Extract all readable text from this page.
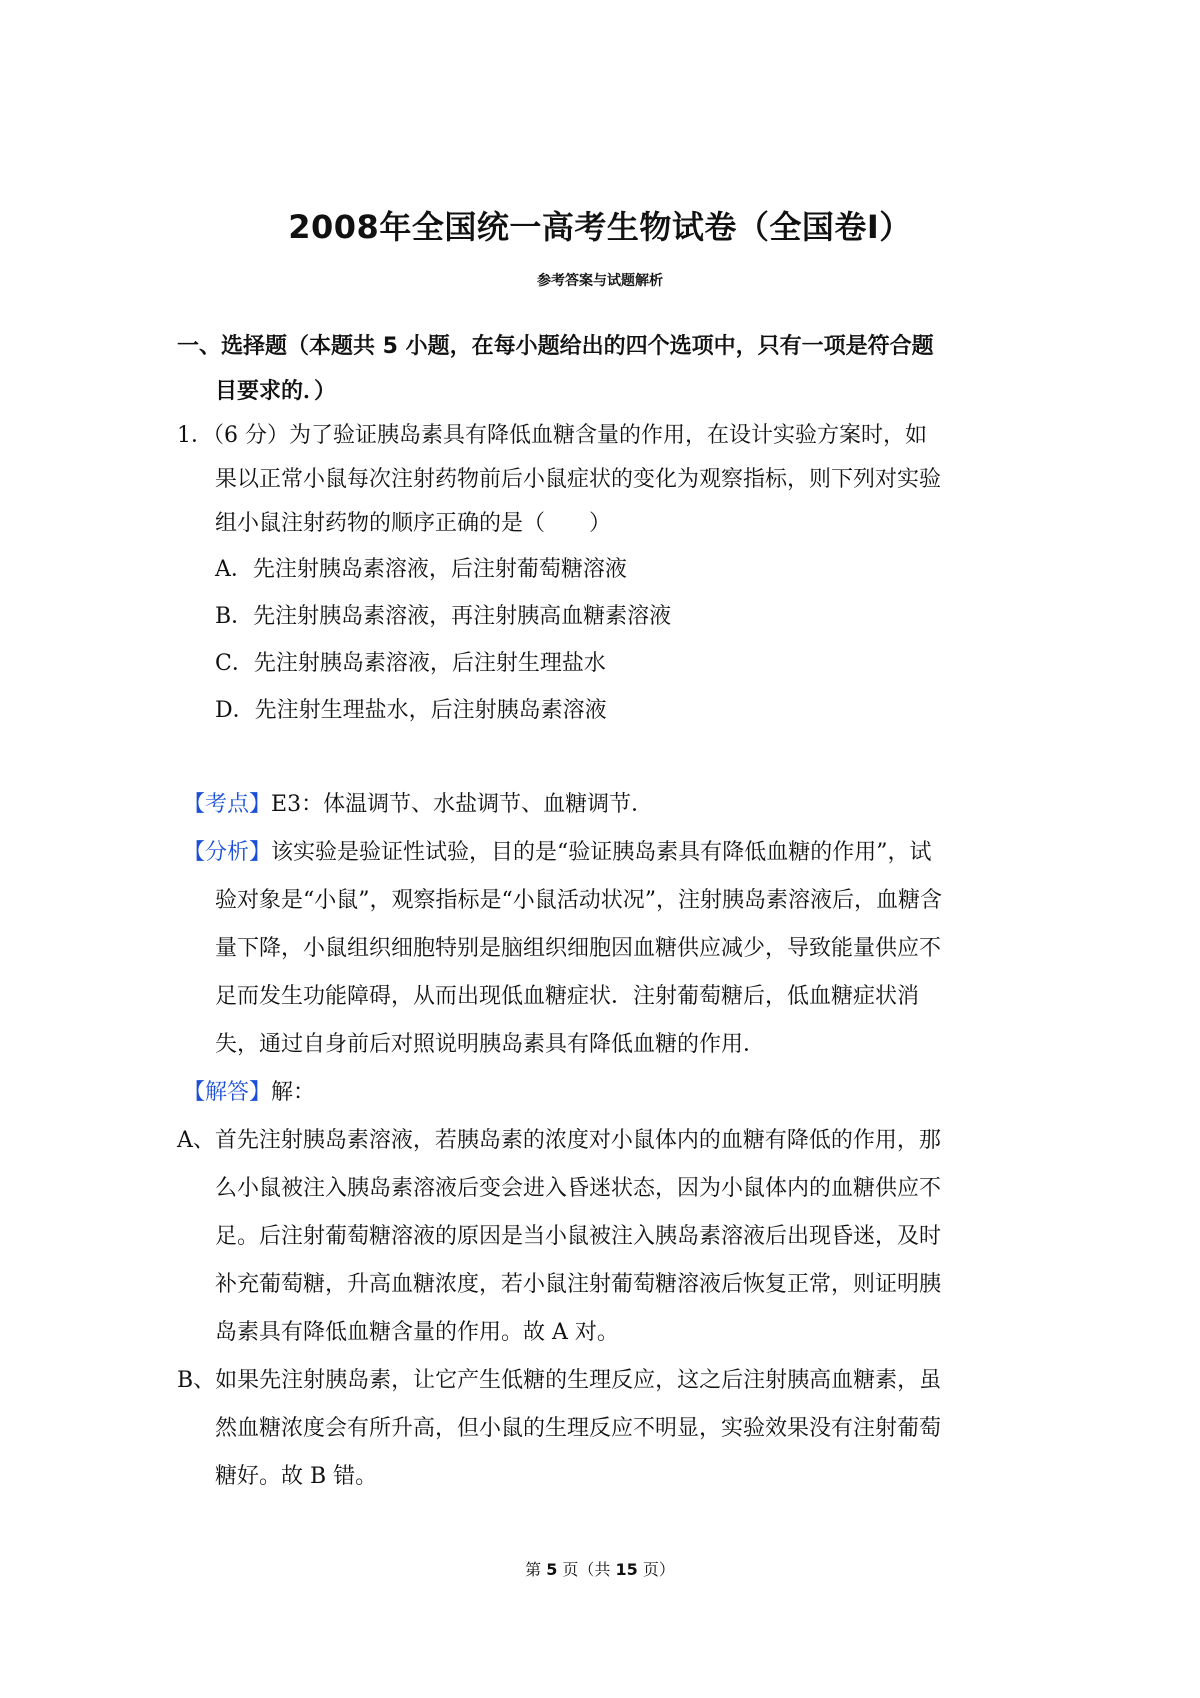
2008年全国统一高考生物试卷（全国卷Ⅰ）
参考答案与试题解析
一、选择题（本题共 5 小题，在每小题给出的四个选项中，只有一项是符合题
目要求的．）
1．（6 分）为了验证胰岛素具有降低血糖含量的作用，在设计实验方案时，如
果以正常小鼠每次注射药物前后小鼠症状的变化为观察指标，则下列对实验
组小鼠注射药物的顺序正确的是（　　）
A．先注射胰岛素溶液，后注射葡萄糖溶液
B．先注射胰岛素溶液，再注射胰高血糖素溶液
C．先注射胰岛素溶液，后注射生理盐水
D．先注射生理盐水，后注射胰岛素溶液
【考点】E3：体温调节、水盐调节、血糖调节．
【分析】该实验是验证性试验，目的是“验证胰岛素具有降低血糖的作用”，试
验对象是“小鼠”，观察指标是“小鼠活动状况”，注射胰岛素溶液后，血糖含
量下降，小鼠组织细胞特别是脑组织细胞因血糖供应减少，导致能量供应不
足而发生功能障碍，从而出现低血糖症状．注射葡萄糖后，低血糖症状消
失，通过自身前后对照说明胰岛素具有降低血糖的作用．
【解答】解：
A、首先注射胰岛素溶液，若胰岛素的浓度对小鼠体内的血糖有降低的作用，那
么小鼠被注入胰岛素溶液后变会进入昏迷状态，因为小鼠体内的血糖供应不
足。后注射葡萄糖溶液的原因是当小鼠被注入胰岛素溶液后出现昏迷，及时
补充葡萄糖，升高血糖浓度，若小鼠注射葡萄糖溶液后恢复正常，则证明胰
岛素具有降低血糖含量的作用。故 A 对。
B、如果先注射胰岛素，让它产生低糖的生理反应，这之后注射胰高血糖素，虽
然血糖浓度会有所升高，但小鼠的生理反应不明显，实验效果没有注射葡萄
糖好。故 B 错。
第 5 页（共 15 页）
